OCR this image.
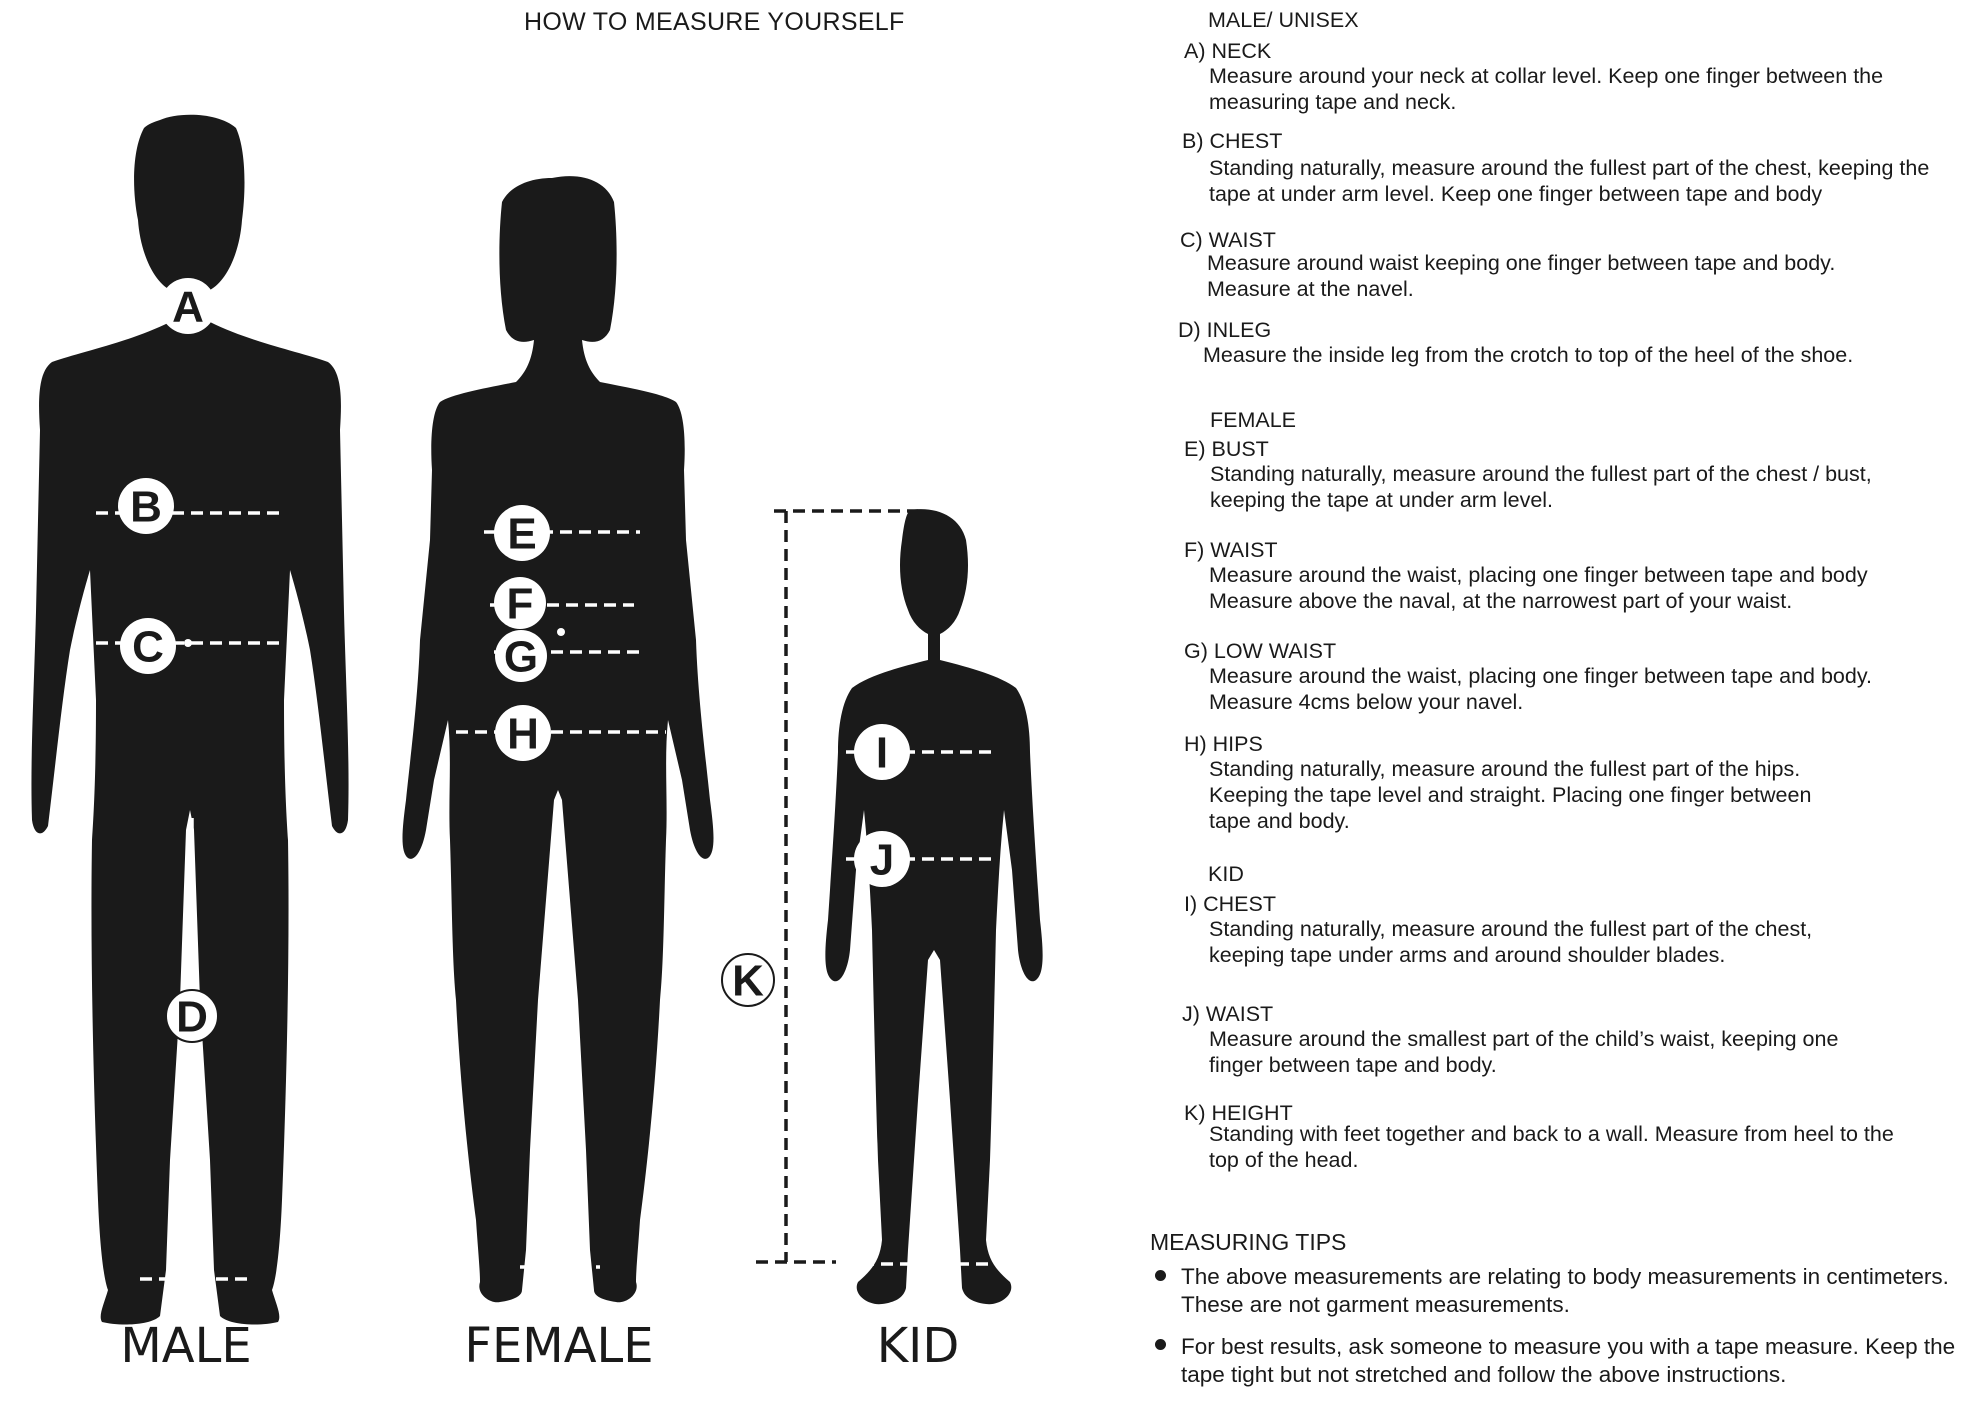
HOW TO MEASURE YOURSELF
A
B
C
D
E
F
G
H	I
J
K
MALE	FEMALE	KID
MALE/ UNISEX
A) NECK
Measure around your neck at collar level. Keep one finger between the measuring tape and neck.
B) CHEST
Standing naturally, measure around the fullest part of the chest, keeping the tape at under arm level. Keep one finger between tape and body
C) WAIST
Measure around waist keeping one finger between tape and body. Measure at the navel.
D) INLEG
Measure the inside leg from the crotch to top of the heel of the shoe.
FEMALE
E) BUST
Standing naturally, measure around the fullest part of the chest / bust, keeping the tape at under arm level.
F) WAIST
Measure around the waist, placing one finger between tape and body Measure above the naval, at the narrowest part of your waist.
G) LOW WAIST
Measure around the waist, placing one finger between tape and body. Measure 4cms below your navel.
H) HIPS
Standing naturally, measure around the fullest part of the hips. Keeping the tape level and straight. Placing one finger between tape and body.
KID
I) CHEST
Standing naturally, measure around the fullest part of the chest, keeping tape under arms and around shoulder blades.
J) WAIST
Measure around the smallest part of the child’s waist, keeping one finger between tape and body.
K) HEIGHT
Standing with feet together and back to a wall. Measure from heel to the top of the head.
MEASURING TIPS
The above measurements are relating to body measurements in centimeters. These are not garment measurements.
For best results, ask someone to measure you with a tape measure. Keep the tape tight but not stretched and follow the above instructions.
